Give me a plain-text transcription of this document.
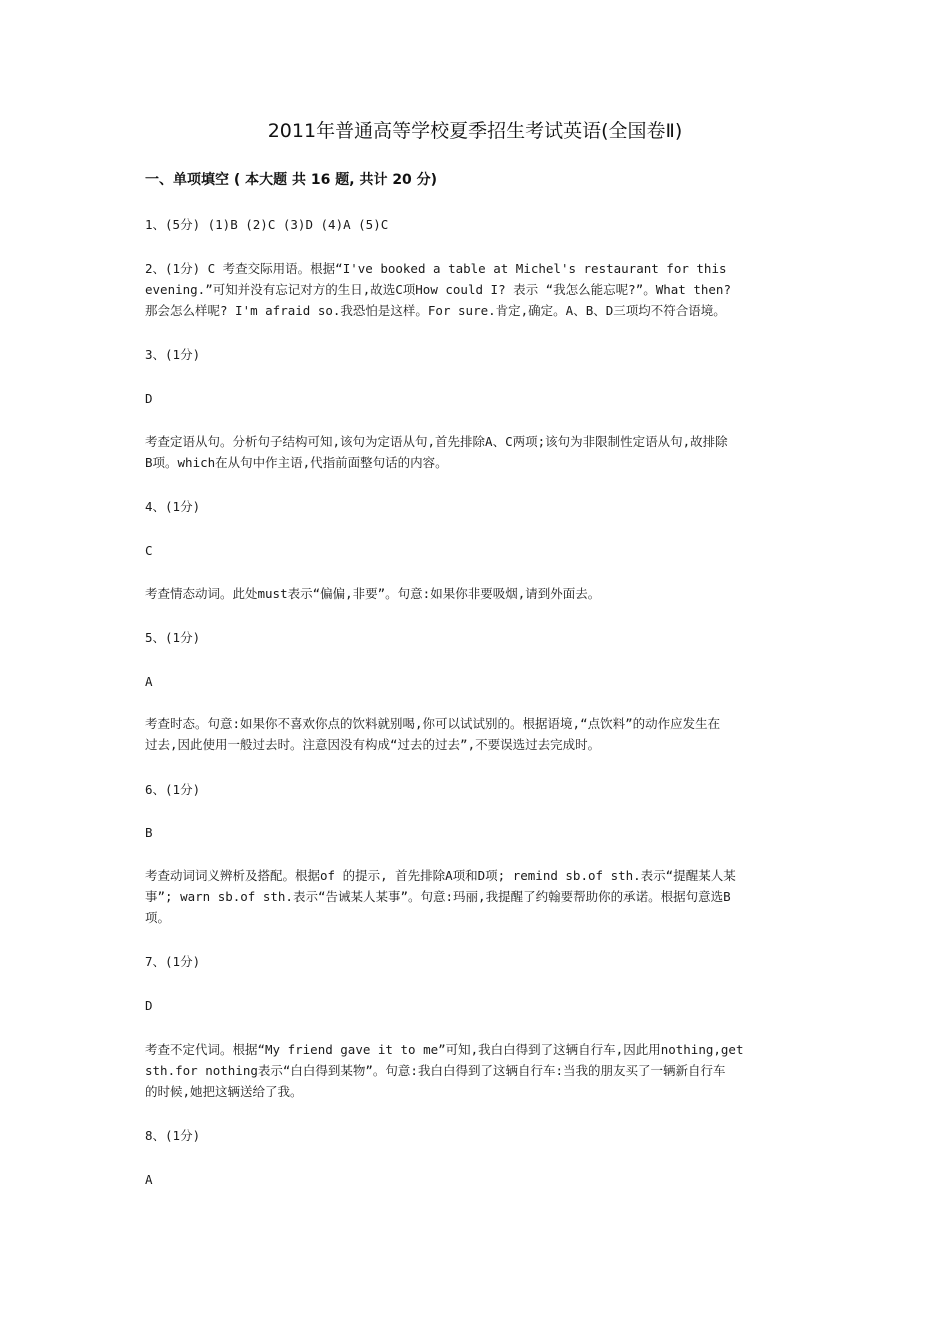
2011年普通高等学校夏季招生考试英语(全国卷Ⅱ)
一、单项填空 ( 本大题 共 16 题, 共计 20 分)
1、(5分) (1)B (2)C (3)D (4)A (5)C
2、(1分) C 考查交际用语。根据“I've booked a table at Michel's restaurant for this
evening.”可知并没有忘记对方的生日,故选C项How could I? 表示 “我怎么能忘呢?”。What then?
那会怎么样呢? I'm afraid so.我恐怕是这样。For sure.肯定,确定。A、B、D三项均不符合语境。
3、(1分)
D
考查定语从句。分析句子结构可知,该句为定语从句,首先排除A、C两项;该句为非限制性定语从句,故排除
B项。which在从句中作主语,代指前面整句话的内容。
4、(1分)
C
考查情态动词。此处must表示“偏偏,非要”。句意:如果你非要吸烟,请到外面去。
5、(1分)
A
考查时态。句意:如果你不喜欢你点的饮料就别喝,你可以试试别的。根据语境,“点饮料”的动作应发生在
过去,因此使用一般过去时。注意因没有构成“过去的过去”,不要误选过去完成时。
6、(1分)
B
考查动词词义辨析及搭配。根据of 的提示, 首先排除A项和D项; remind sb.of sth.表示“提醒某人某
事”; warn sb.of sth.表示“告诫某人某事”。句意:玛丽,我提醒了约翰要帮助你的承诺。根据句意选B
项。
7、(1分)
D
考查不定代词。根据“My friend gave it to me”可知,我白白得到了这辆自行车,因此用nothing,get
sth.for nothing表示“白白得到某物”。句意:我白白得到了这辆自行车:当我的朋友买了一辆新自行车
的时候,她把这辆送给了我。
8、(1分)
A
